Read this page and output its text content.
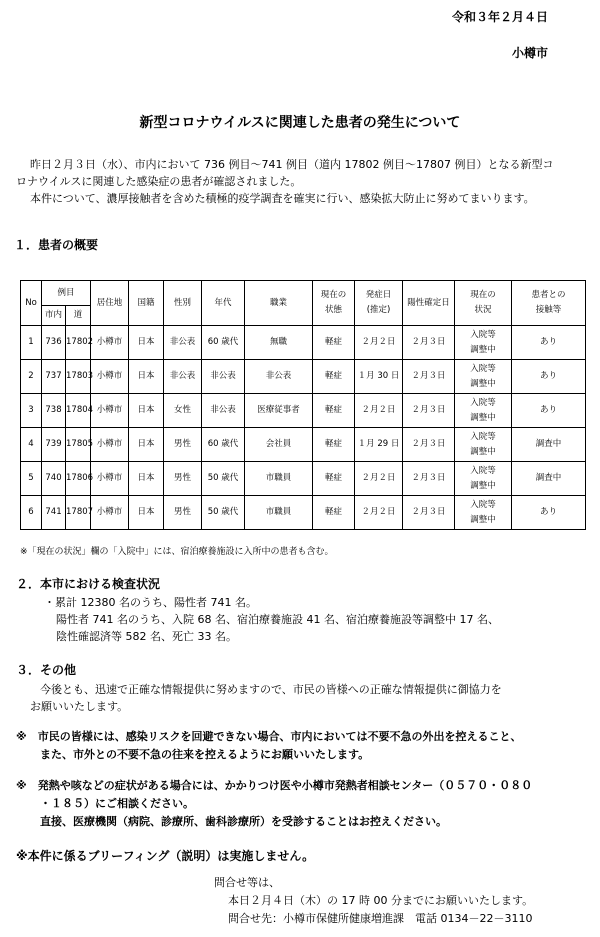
令和３年２月４日
小樽市
新型コロナウイルスに関連した患者の発生について
昨日２月３日（水）、市内において 736 例目～741 例目（道内 17802 例目～17807 例目）となる新型コ
ロナウイルスに関連した感染症の患者が確認されました。
本件について、濃厚接触者を含めた積極的疫学調査を確実に行い、感染拡大防止に努めてまいります。
１．患者の概要
No	例目		居住地	国籍	性別	年代	職業	現在の
状態	発症日
(推定)	陽性確定日	現在の
状況	患者との
接触等
	市内	道										
1	736	17802	小樽市	日本	非公表	60 歳代	無職	軽症	２月２日	２月３日	入院等
調整中	あり
2	737	17803	小樽市	日本	非公表	非公表	非公表	軽症	１月 30 日	２月３日	入院等
調整中	あり
3	738	17804	小樽市	日本	女性	非公表	医療従事者	軽症	２月２日	２月３日	入院等
調整中	あり
4	739	17805	小樽市	日本	男性	60 歳代	会社員	軽症	１月 29 日	２月３日	入院等
調整中	調査中
5	740	17806	小樽市	日本	男性	50 歳代	市職員	軽症	２月２日	２月３日	入院等
調整中	調査中
6	741	17807	小樽市	日本	男性	50 歳代	市職員	軽症	２月２日	２月３日	入院等
調整中	あり
※「現在の状況」欄の「入院中」には、宿泊療養施設に入所中の患者も含む。
２．本市における検査状況
・累計 12380 名のうち、陽性者 741 名。
陽性者 741 名のうち、入院 68 名、宿泊療養施設 41 名、宿泊療養施設等調整中 17 名、
陰性確認済等 582 名、死亡 33 名。
３．その他
今後とも、迅速で正確な情報提供に努めますので、市民の皆様への正確な情報提供に御協力を
お願いいたします。
※　市民の皆様には、感染リスクを回避できない場合、市内においては不要不急の外出を控えること、
また、市外との不要不急の往来を控えるようにお願いいたします。
※　発熱や咳などの症状がある場合には、かかりつけ医や小樽市発熱者相談センター（０５７０・０８０
・１８５）にご相談ください。
直接、医療機関（病院、診療所、歯科診療所）を受診することはお控えください。
※本件に係るブリーフィング（説明）は実施しません。
問合せ等は、
本日２月４日（木）の 17 時 00 分までにお願いいたします。
問合せ先：小樽市保健所健康増進課　電話 0134－22－3110
